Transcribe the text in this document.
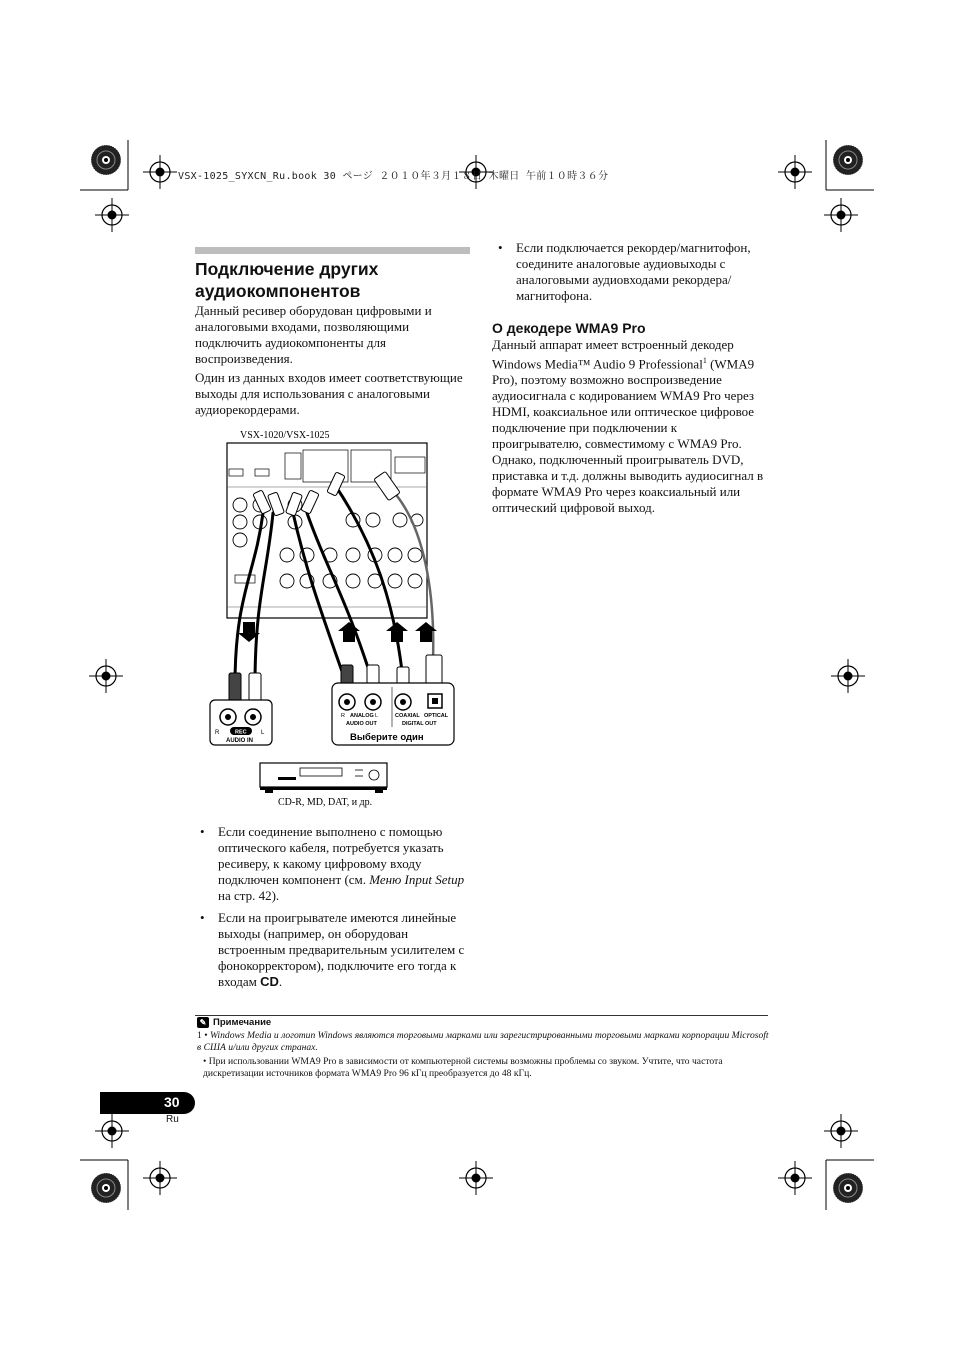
VSX-1025_SYXCN_Ru.book 30 ページ ２０１０年３月１８日 木曜日 午前１０時３６分
Подключение других
аудиокомпонентов

Данный ресивер оборудован цифровыми и аналоговыми входами, позволяющими подключить аудиокомпоненты для воспроизведения.

Один из данных входов имеет соответствующие выходы для использования с аналоговыми аудиорекордерами.

VSX-1020/VSX-1025
R	REC L
AUDIO IN
R ANALOG L
AUDIO OUT
COAXIAL OPTICAL
DIGITAL OUT
Выберите один
CD-R, MD, DAT, и др.
• Если соединение выполнено с помощью оптического кабеля, потребуется указать ресиверу, к какому цифровому входу подключен компонент (см. Меню Input Setup на стр. 42).
• Если на проигрывателе имеются линейные выходы (например, он оборудован встроенным предварительным усилителем с фонокорректором), подключите его тогда к входам CD.
• Если подключается рекордер/магнитофон, соедините аналоговые аудиовыходы с аналоговыми аудиовходами рекордера/магнитофона.
О декодере WMA9 Pro

Данный аппарат имеет встроенный декодер Windows Media™ Audio 9 Professional$^1$ (WMA9 Pro), поэтому возможно воспроизведение аудиосигнала с кодированием WMA9 Pro через HDMI, коаксиальное или оптическое цифровое подключение при подключении к проигрывателю, совместимому с WMA9 Pro. Однако, подключенный проигрыватель DVD, приставка и т.д. должны выводить аудиосигнал в формате WMA9 Pro через коаксиальный или оптический цифровой выход.

✎ Примечание
1 • Windows Media и логотип Windows являются торговыми марками или зарегистрированными торговыми марками корпорации Microsoft в США и/или других странах.
• При использовании WMA9 Pro в зависимости от компьютерной системы возможны проблемы со звуком. Учтите, что частота дискретизации источников формата WMA9 Pro 96 кГц преобразуется до 48 кГц.
30
Ru
